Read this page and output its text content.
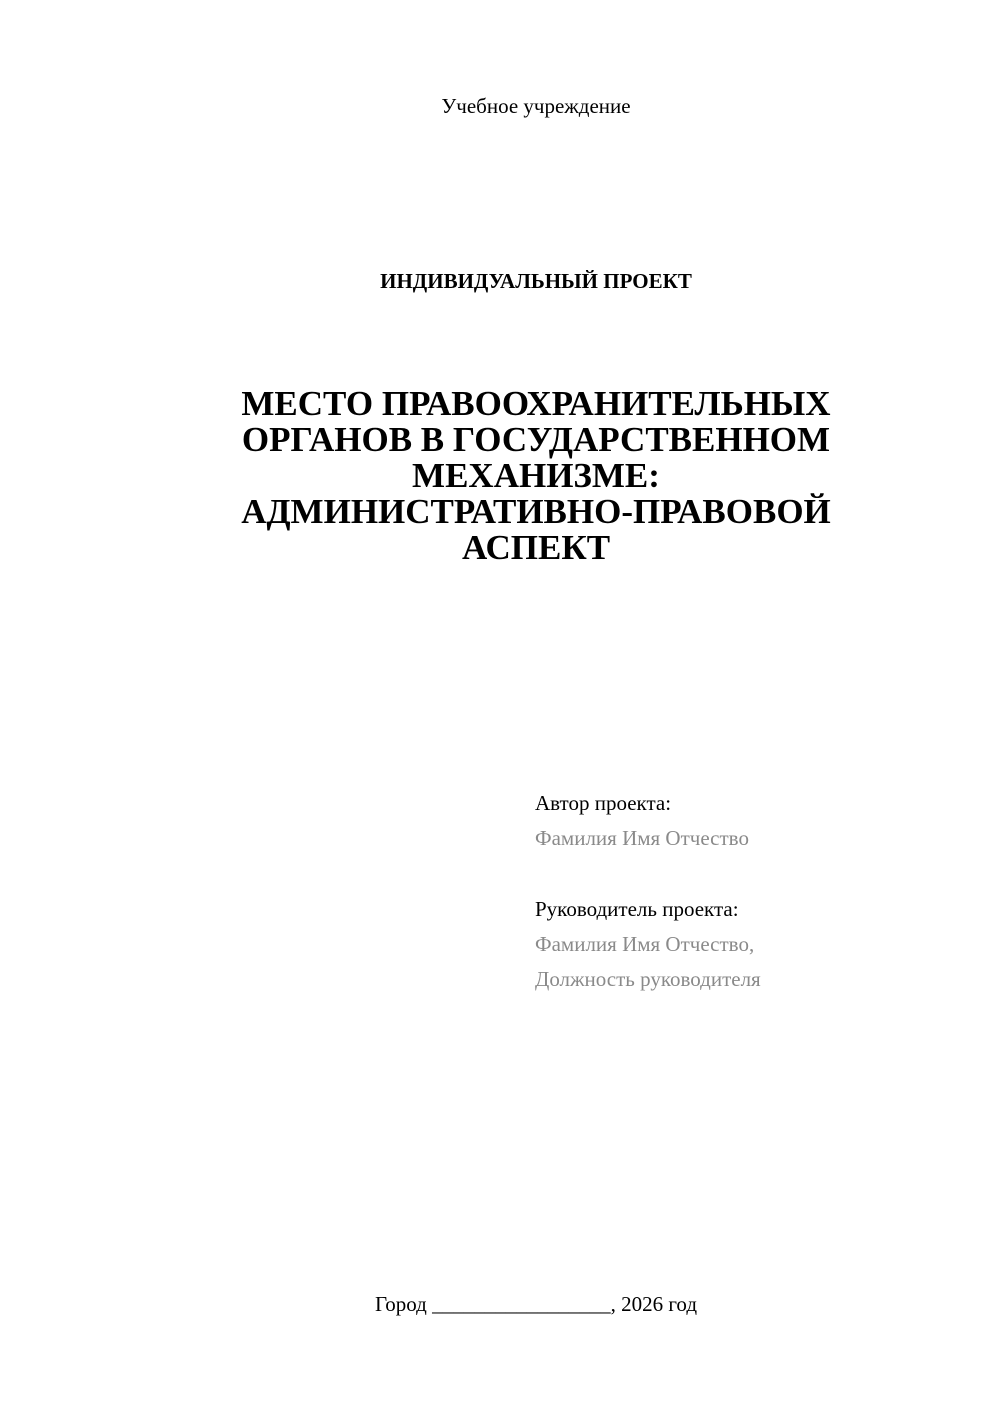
Учебное учреждение
ИНДИВИДУАЛЬНЫЙ ПРОЕКТ
МЕСТО ПРАВООХРАНИТЕЛЬНЫХ
ОРГАНОВ В ГОСУДАРСТВЕННОМ
МЕХАНИЗМЕ:
АДМИНИСТРАТИВНО-ПРАВОВОЙ
АСПЕКТ
Автор проекта:
Фамилия Имя Отчество
Руководитель проекта:
Фамилия Имя Отчество,
Должность руководителя
Город _________________, 2026 год
